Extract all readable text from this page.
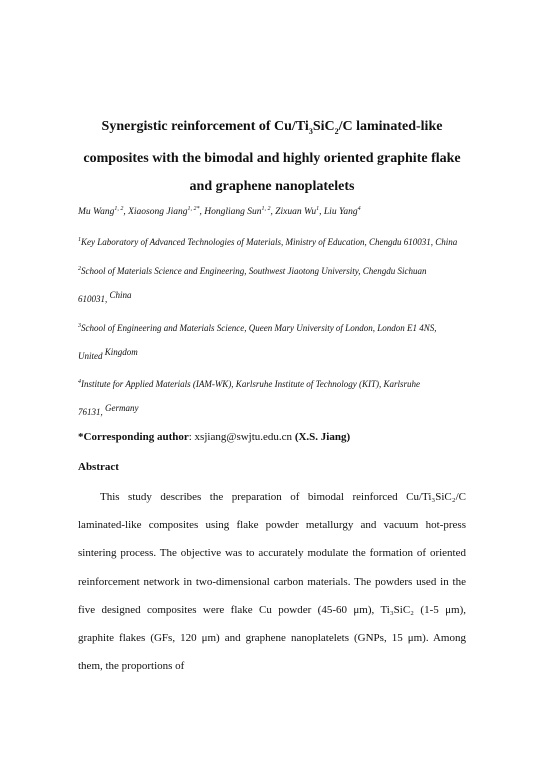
Synergistic reinforcement of $Cu/Ti_3SiC_2/C$ laminated-like
composites with the bimodal and highly oriented graphite flake
and graphene nanoplatelets
Mu Wang$^{1, 2}$, Xiaosong Jiang$^{1, 2*}$, Hongliang Sun$^{1, 2}$, Zixuan Wu$^1$, Liu Yang$^4$
$^1$Key Laboratory of Advanced Technologies of Materials, Ministry of Education, Chengdu 610031, China
$^2$School of Materials Science and Engineering, Southwest Jiaotong University, Chengdu Sichuan
610031, China
$^3$School of Engineering and Materials Science, Queen Mary University of London, London E1 4NS,
United Kingdom
$^4$Institute for Applied Materials (IAM-WK), Karlsruhe Institute of Technology (KIT), Karlsruhe
76131, Germany
*Corresponding author: xsjiang@swjtu.edu.cn (X.S. Jiang)
Abstract
This study describes the preparation of bimodal reinforced Cu/Ti₃SiC₂/C
laminated-like composites using flake powder metallurgy and vacuum hot-press
sintering process. The objective was to accurately modulate the formation of oriented
reinforcement network in two-dimensional carbon materials. The powders used in the
five designed composites were flake Cu powder (45-60 μm), Ti₃SiC₂ (1-5 μm),
graphite flakes (GFs, 120 μm) and graphene nanoplatelets (GNPs, 15 μm). Among
them, the proportions of
